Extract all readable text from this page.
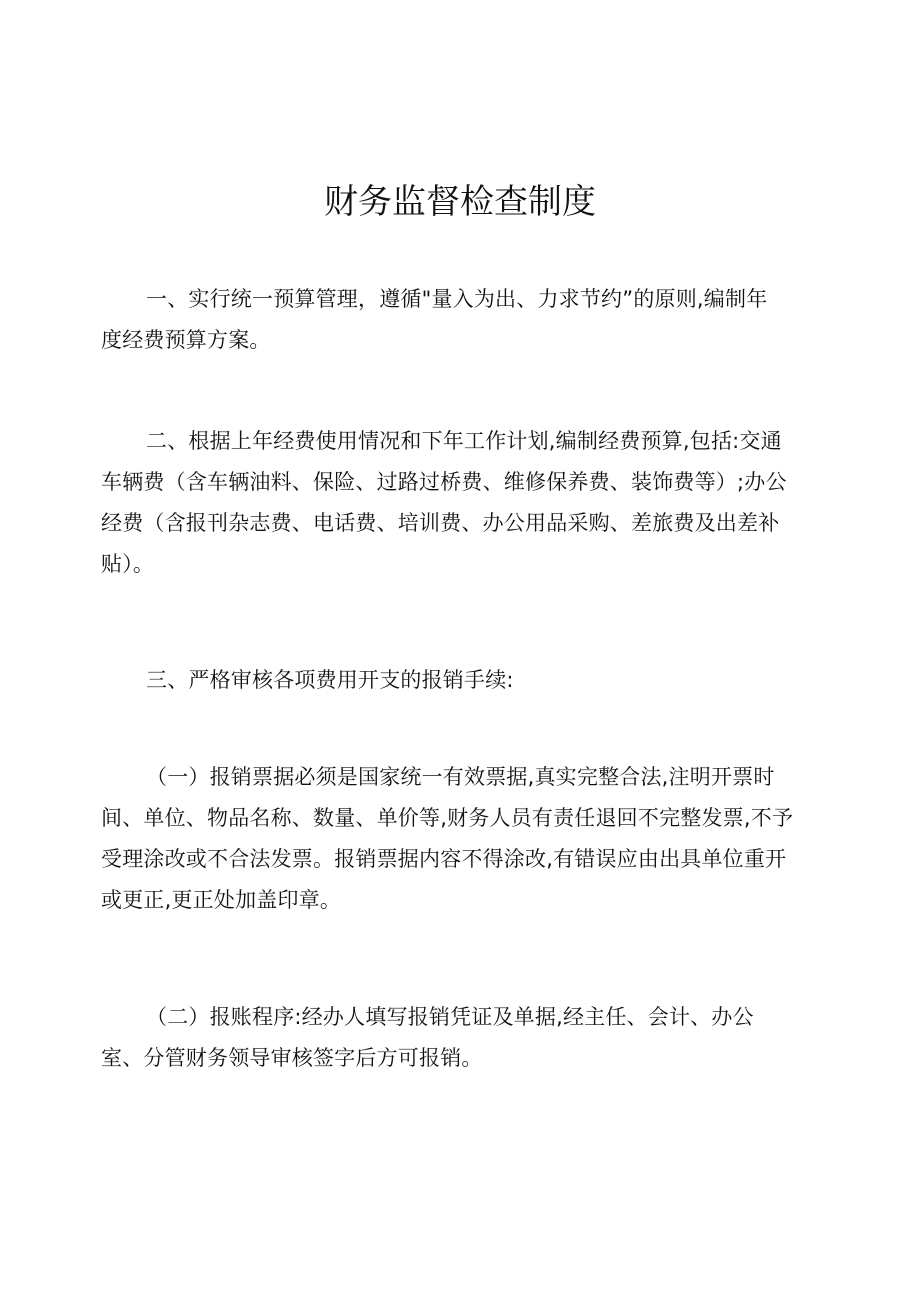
财务监督检查制度

一、实行统一预算管理，遵循"量入为出、力求节约”的原则,编制年
度经费预算方案。

二、根据上年经费使用情况和下年工作计划,编制经费预算,包括:交通
车辆费（含车辆油料、保险、过路过桥费、维修保养费、装饰费等）;办公
经费（含报刊杂志费、电话费、培训费、办公用品采购、差旅费及出差补
贴）。

三、严格审核各项费用开支的报销手续:

（一）报销票据必须是国家统一有效票据,真实完整合法,注明开票时
间、单位、物品名称、数量、单价等,财务人员有责任退回不完整发票,不予
受理涂改或不合法发票。报销票据内容不得涂改,有错误应由出具单位重开
或更正,更正处加盖印章。

（二）报账程序:经办人填写报销凭证及单据,经主任、会计、办公
室、分管财务领导审核签字后方可报销。
